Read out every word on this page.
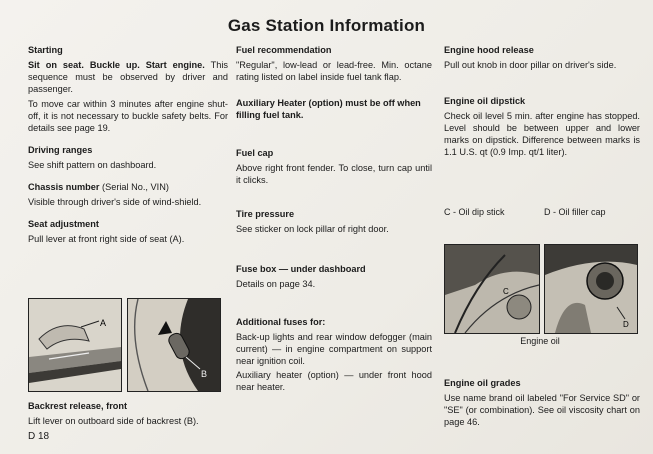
Gas Station Information
Starting
Sit on seat. Buckle up. Start engine. This sequence must be observed by driver and passenger.
To move car within 3 minutes after engine shut-off, it is not necessary to buckle safety belts. For details see page 19.
Driving ranges
See shift pattern on dashboard.
Chassis number (Serial No., VIN)
Visible through driver's side of wind-shield.
Seat adjustment
Pull lever at front right side of seat (A).
A
B
Backrest release, front
Lift lever on outboard side of backrest (B).
D 18
Fuel recommendation
"Regular", low-lead or lead-free. Min. octane rating listed on label inside fuel tank flap.
Auxiliary Heater (option) must be off when filling fuel tank.
Fuel cap
Above right front fender. To close, turn cap until it clicks.
Tire pressure
See sticker on lock pillar of right door.
Fuse box — under dashboard
Details on page 34.
Additional fuses for:
Back-up lights and rear window defogger (main current) — in engine compartment on support near ignition coil.
Auxiliary heater (option) — under front hood near heater.
Engine hood release
Pull out knob in door pillar on driver's side.
Engine oil dipstick
Check oil level 5 min. after engine has stopped. Level should be between upper and lower marks on dipstick. Difference between marks is 1.1 U.S. qt (0.9 Imp. qt/1 liter).
C - Oil dip stick	D - Oil filler cap
C
D
Engine oil
Engine oil grades
Use name brand oil labeled "For Service SD" or "SE" (or combination). See oil viscosity chart on page 46.
